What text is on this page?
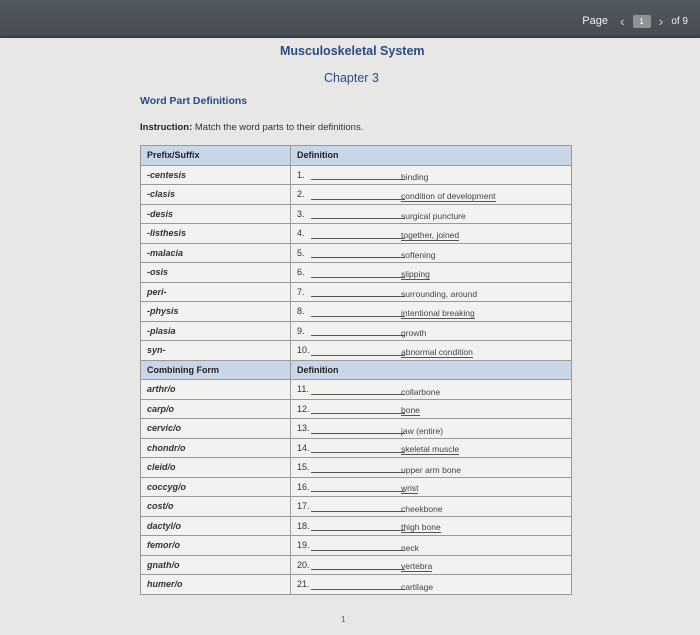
Page ‹	1	› of 9
Musculoskeletal System
Chapter 3
Word Part Definitions
Instruction: Match the word parts to their definitions.
Prefix/Suffix	Definition
-centesis	1. binding

-clasis	2. condition of development

-desis	3. surgical puncture

-listhesis	4. together, joined

-malacia	5. softening

-osis	6. slipping

peri-	7. surrounding, around

-physis	8. intentional breaking

-plasia	9. growth

syn-	10. abnormal condition

Combining Form	Definition
arthr/o	11. collarbone

carp/o	12. bone

cervic/o	13. jaw (entire)

chondr/o	14. skeletal muscle

cleid/o	15. upper arm bone

coccyg/o	16. wrist

cost/o	17. cheekbone

dactyl/o	18. thigh bone

femor/o	19. neck

gnath/o	20. vertebra

humer/o	21. cartilage
1
